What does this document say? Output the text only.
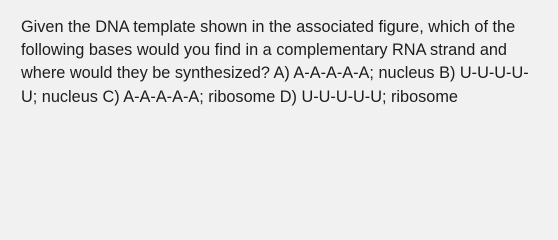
Given the DNA template shown in the associated figure, which of the following bases would you find in a complementary RNA strand and where would they be synthesized? A) A-A-A-A-A; nucleus B) U-U-U-U-U; nucleus C) A-A-A-A-A; ribosome D) U-U-U-U-U; ribosome
